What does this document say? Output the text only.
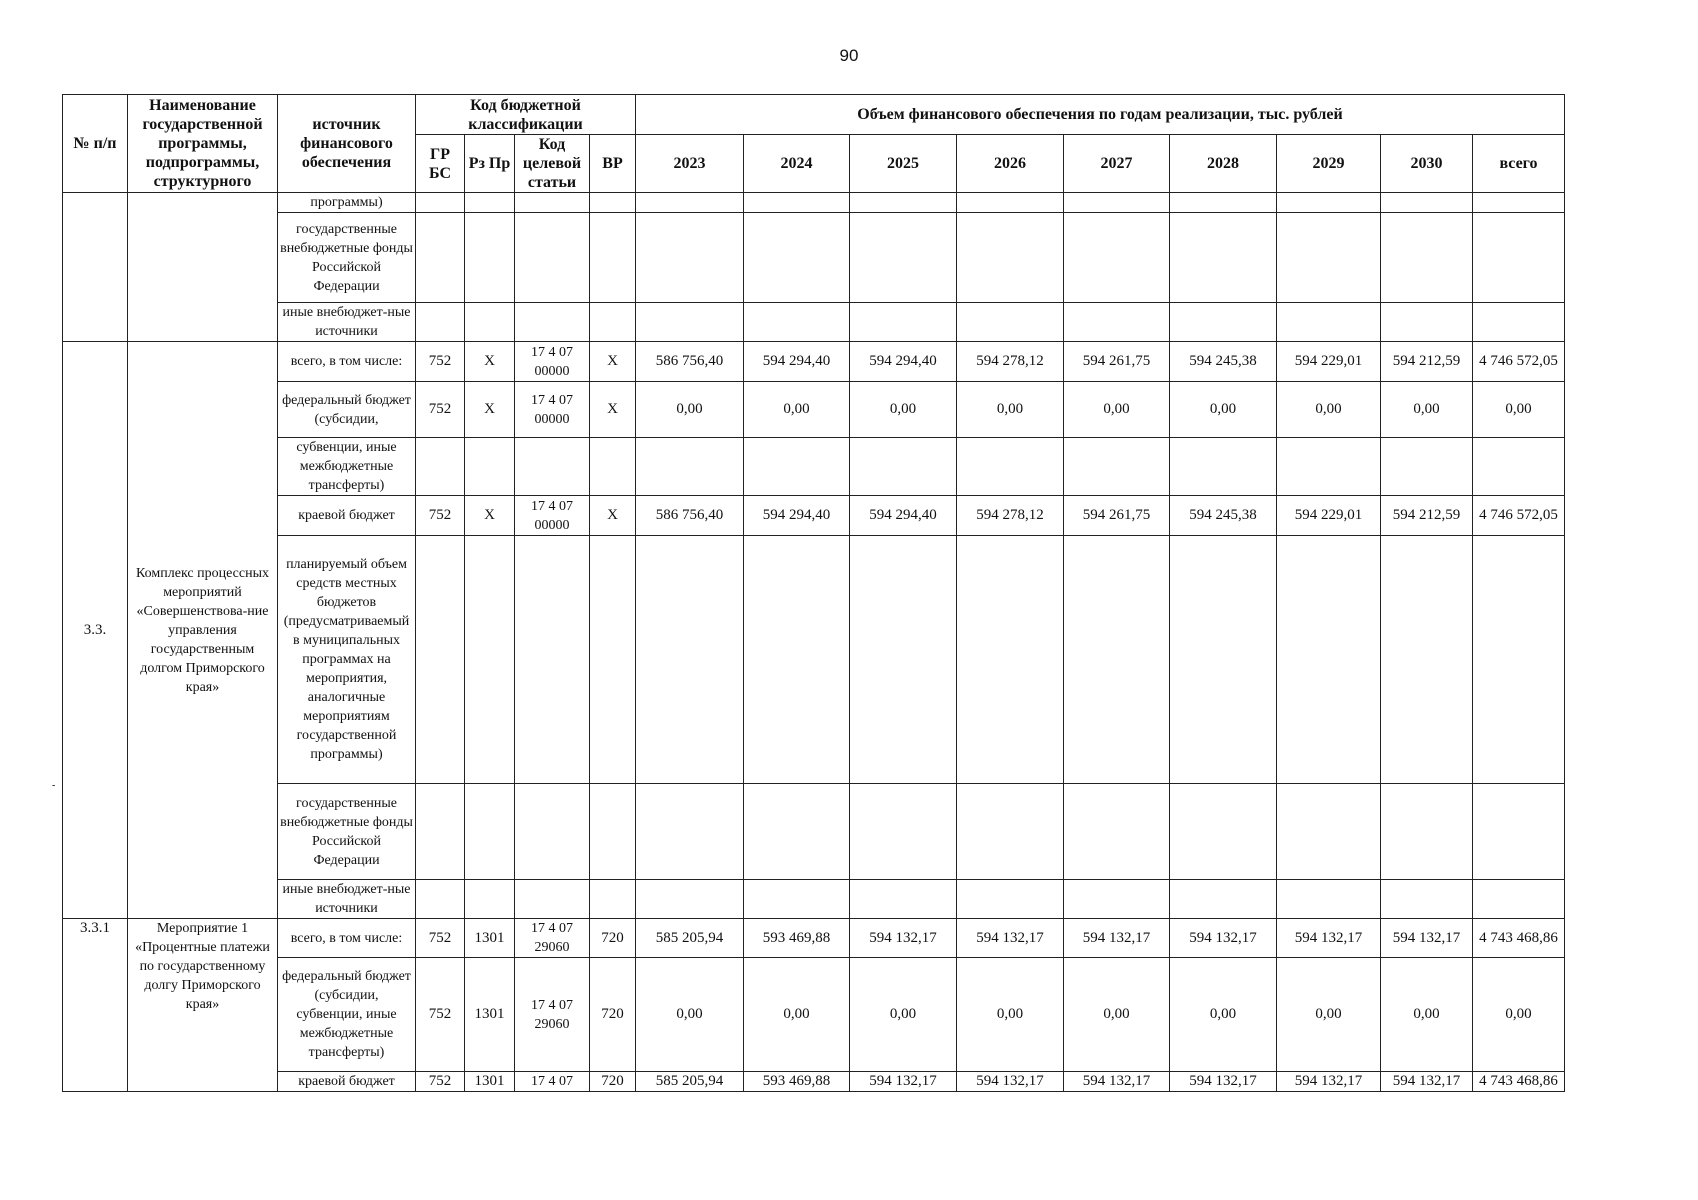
90
-
№ п/п	Наименование государственной программы, подпрограммы, структурного	источник финансового обеспечения	Код бюджетной классификации				Объем финансового обеспечения по годам реализации, тыс. рублей								
			ГР БС	Рз Пр	Код целевой статьи	ВР	2023	2024	2025	2026	2027	2028	2029	2030	всего
		программы)													
		государственные внебюджетные фонды Российской Федерации													
		иные внебюджет-ные источники													
3.3.	Комплекс процессных мероприятий «Совершенствова-ние управления государственным долгом Приморского края»	всего, в том числе:	752	Х	17 4 07 00000	Х	586 756,40	594 294,40	594 294,40	594 278,12	594 261,75	594 245,38	594 229,01	594 212,59	4 746 572,05
		федеральный бюджет (субсидии,	752	Х	17 4 07 00000	Х	0,00	0,00	0,00	0,00	0,00	0,00	0,00	0,00	0,00
		субвенции, иные межбюджетные трансферты)													
		краевой бюджет	752	Х	17 4 07 00000	Х	586 756,40	594 294,40	594 294,40	594 278,12	594 261,75	594 245,38	594 229,01	594 212,59	4 746 572,05
		планируемый объем средств местных бюджетов (предусматриваемый в муниципальных программах на мероприятия, аналогичные мероприятиям государственной программы)													
		государственные внебюджетные фонды Российской Федерации													
		иные внебюджет-ные источники													
3.3.1	Мероприятие 1 «Процентные платежи по государственному долгу Приморского края»	всего, в том числе:	752	1301	17 4 07 29060	720	585 205,94	593 469,88	594 132,17	594 132,17	594 132,17	594 132,17	594 132,17	594 132,17	4 743 468,86
		федеральный бюджет (субсидии, субвенции, иные межбюджетные трансферты)	752	1301	17 4 07 29060	720	0,00	0,00	0,00	0,00	0,00	0,00	0,00	0,00	0,00
		краевой бюджет	752	1301	17 4 07	720	585 205,94	593 469,88	594 132,17	594 132,17	594 132,17	594 132,17	594 132,17	594 132,17	4 743 468,86
